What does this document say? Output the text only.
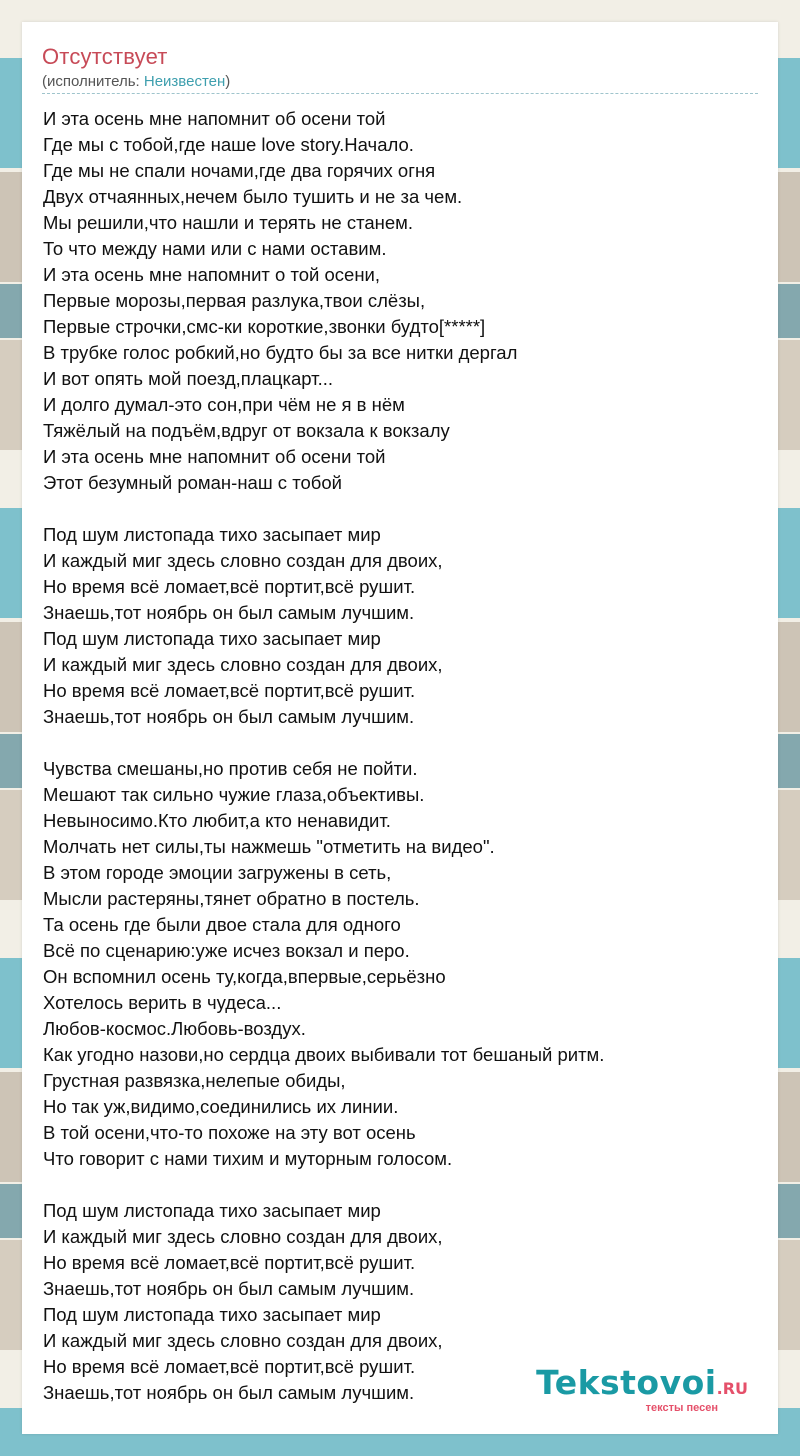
Отсутствует
(исполнитель: Неизвестен)
И эта осень мне напомнит об осени той
Где мы с тобой,где наше love story.Начало.
Где мы не спали ночами,где два горячих огня
Двух отчаянных,нечем было тушить и не за чем.
Мы решили,что нашли и терять не станем.
То что между нами или с нами оставим.
И эта осень мне напомнит о той осени,
Первые морозы,первая разлука,твои слёзы,
Первые строчки,смс-ки короткие,звонки будто[*****]
В трубке голос робкий,но будто бы за все нитки дергал
И вот опять мой поезд,плацкарт...
И долго думал-это сон,при чём не я в нём
Тяжёлый на подъём,вдруг от вокзала к вокзалу
И эта осень мне напомнит об осени той
Этот безумный роман-наш с тобой
Под шум листопада тихо засыпает мир
И каждый миг здесь словно создан для двоих,
Но время всё ломает,всё портит,всё рушит.
Знаешь,тот ноябрь он был самым лучшим.
Под шум листопада тихо засыпает мир
И каждый миг здесь словно создан для двоих,
Но время всё ломает,всё портит,всё рушит.
Знаешь,тот ноябрь он был самым лучшим.
Чувства смешаны,но против себя не пойти.
Мешают так сильно чужие глаза,объективы.
Невыносимо.Кто любит,а кто ненавидит.
Молчать нет силы,ты нажмешь "отметить на видео".
В этом городе эмоции загружены в сеть,
Мысли растеряны,тянет обратно в постель.
Та осень где были двое стала для одного
Всё по сценарию:уже исчез вокзал и перо.
Он вспомнил осень ту,когда,впервые,серьёзно
Хотелось верить в чудеса...
Любов-космос.Любовь-воздух.
Как угодно назови,но сердца двоих выбивали тот бешаный ритм.
Грустная развязка,нелепые обиды,
Но так уж,видимо,соединились их линии.
В той осени,что-то похоже на эту вот осень
Что говорит с нами тихим и муторным голосом.
Под шум листопада тихо засыпает мир
И каждый миг здесь словно создан для двоих,
Но время всё ломает,всё портит,всё рушит.
Знаешь,тот ноябрь он был самым лучшим.
Под шум листопада тихо засыпает мир
И каждый миг здесь словно создан для двоих,
Но время всё ломает,всё портит,всё рушит.
Знаешь,тот ноябрь он был самым лучшим.	Tekstovoi.RU
тексты песен
